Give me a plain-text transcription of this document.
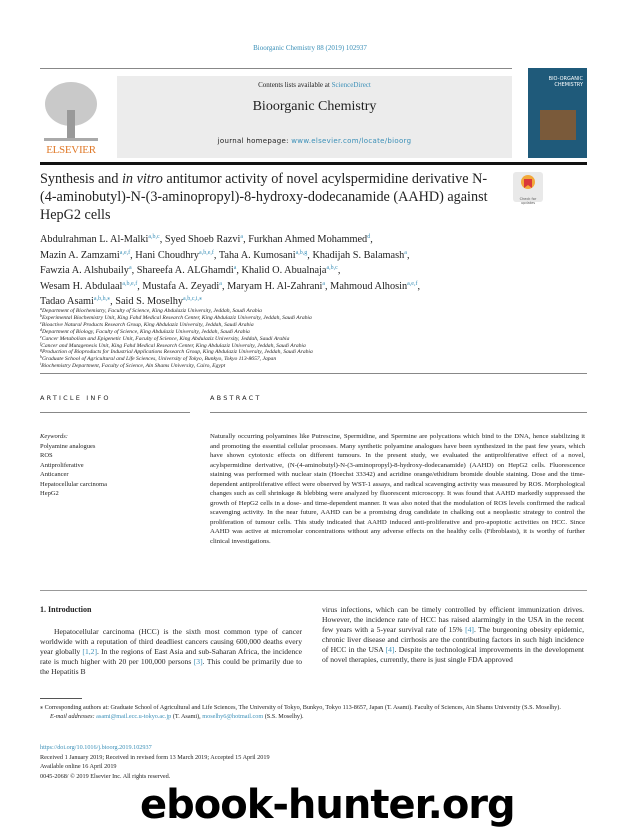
Bioorganic Chemistry 88 (2019) 102937
ELSEVIER
Contents lists available at ScienceDirect
Bioorganic Chemistry
journal homepage: www.elsevier.com/locate/bioorg
BIO-ORGANIC CHEMISTRY
Synthesis and in vitro antitumor activity of novel acylspermidine derivative N-(4-aminobutyl)-N-(3-aminopropyl)-8-hydroxy-dodecanamide (AAHD) against HepG2 cells
Check for updates
Abdulrahman L. Al-Malki$^{a,b,c}$, Syed Shoeb Razvi$^a$, Furkhan Ahmed Mohammed$^d$,
Mazin A. Zamzami$^{a,e,f}$, Hani Choudhry$^{a,b,e,f}$, Taha A. Kumosani$^{a,b,g}$, Khadijah S. Balamash$^a$,
Fawzia A. Alshubaily$^a$, Shareefa A. ALGhamdi$^a$, Khalid O. Abualnaja$^{a,b,c}$,
Wesam H. Abdulaal$^{a,b,e,f}$, Mustafa A. Zeyadi$^a$, Maryam H. Al-Zahrani$^a$, Mahmoud Alhosin$^{a,e,f}$,
Tadao Asami$^{a,b,h,⁎}$, Said S. Moselhy$^{a,b,c,i,⁎}$
$^a$Department of Biochemistry, Faculty of Science, King Abdulaziz University, Jeddah, Saudi Arabia
$^b$Experimental Biochemistry Unit, King Fahd Medical Research Center, King Abdulaziz University, Jeddah, Saudi Arabia
$^c$Bioactive Natural Products Research Group, King Abdulaziz University, Jeddah, Saudi Arabia
$^d$Department of Biology, Faculty of Science, King Abdulaziz University, Jeddah, Saudi Arabia
$^e$Cancer Metabolism and Epigenetic Unit, Faculty of Science, King Abdulaziz University, Jeddah, Saudi Arabia
$^f$Cancer and Mutagenesis Unit, King Fahd Medical Research Center, King Abdulaziz University, Jeddah, Saudi Arabia
$^g$Production of Bioproducts for Industrial Applications Research Group, King Abdulaziz University, Jeddah, Saudi Arabia
$^h$Graduate School of Agricultural and Life Sciences, University of Tokyo, Bunkyo, Tokyo 113-8657, Japan
$^i$Biochemistry Department, Faculty of Science, Ain Shams University, Cairo, Egypt
ARTICLE INFO	ABSTRACT
Keywords:
Polyamine analogues
ROS
Antiproliferative
Anticancer
Hepatocellular carcinoma
HepG2
Naturally occurring polyamines like Putrescine, Spermidine, and Spermine are polycations which bind to the DNA, hence stabilizing it and promoting the essential cellular processes. Many synthetic polyamine analogues have been synthesized in the past few years, which have shown cytotoxic effects on different tumours. In the present study, we evaluated the antiproliferative effect of a novel, acylspermidine derivative, (N-(4-aminobutyl)-N-(3-aminopropyl)-8-hydroxy-dodecanamide) (AAHD) on HepG2 cells. Fluorescence staining was performed with nuclear stain (Hoechst 33342) and acridine orange/ethidium bromide double staining. Dose and the time-dependent antiproliferative effect were observed by WST-1 assays, and radical scavenging activity was measured by ROS. Morphological changes such as cell shrinkage & blebbing were analyzed by fluorescent microscopy. It was found that AAHD markedly suppressed the growth of HepG2 cells in a dose- and time-dependent manner. It was also noted that the modulation of ROS levels confirmed the radical scavenging activity. In the near future, AAHD can be a promising drug candidate in chalking out a neoplastic strategy to control the proliferation of tumour cells. This study indicated that AAHD induced anti-proliferative and pro-apoptotic activities on HCC. Since AAHD was active at micromolar concentrations without any adverse effects on the healthy cells (Fibroblasts), it is worthy of further clinical investigations.
1. Introduction
Hepatocellular carcinoma (HCC) is the sixth most common type of cancer worldwide with a reputation of third deadliest cancers causing 600,000 deaths every year globally [1,2]. In the regions of East Asia and sub-Saharan Africa, the incidence rate is much higher with 20 per 100,000 persons [3]. This could be primarily due to the Hepatitis B
virus infections, which can be timely controlled by efficient immunization drives. However, the incidence rate of HCC has raised alarmingly in the USA in the recent few years with a 5-year survival rate of 15% [4]. The burgeoning obesity epidemic, chronic liver disease and cirrhosis are the contributing factors in such high incidence of HCC in the USA [4]. Despite the technological improvements in the development of novel therapies, currently, there is just single FDA approved
⁎ Corresponding authors at: Graduate School of Agricultural and Life Sciences, The University of Tokyo, Bunkyo, Tokyo 113-8657, Japan (T. Asami). Faculty of Sciences, Ain Shams University (S.S. Moselhy).
E-mail addresses: asami@mail.ecc.u-tokyo.ac.jp (T. Asami), moselhy6@hotmail.com (S.S. Moselhy).
https://doi.org/10.1016/j.bioorg.2019.102937
Received 1 January 2019; Received in revised form 13 March 2019; Accepted 15 April 2019
Available online 16 April 2019
0045-2068/ © 2019 Elsevier Inc. All rights reserved.
ebook-hunter.org
